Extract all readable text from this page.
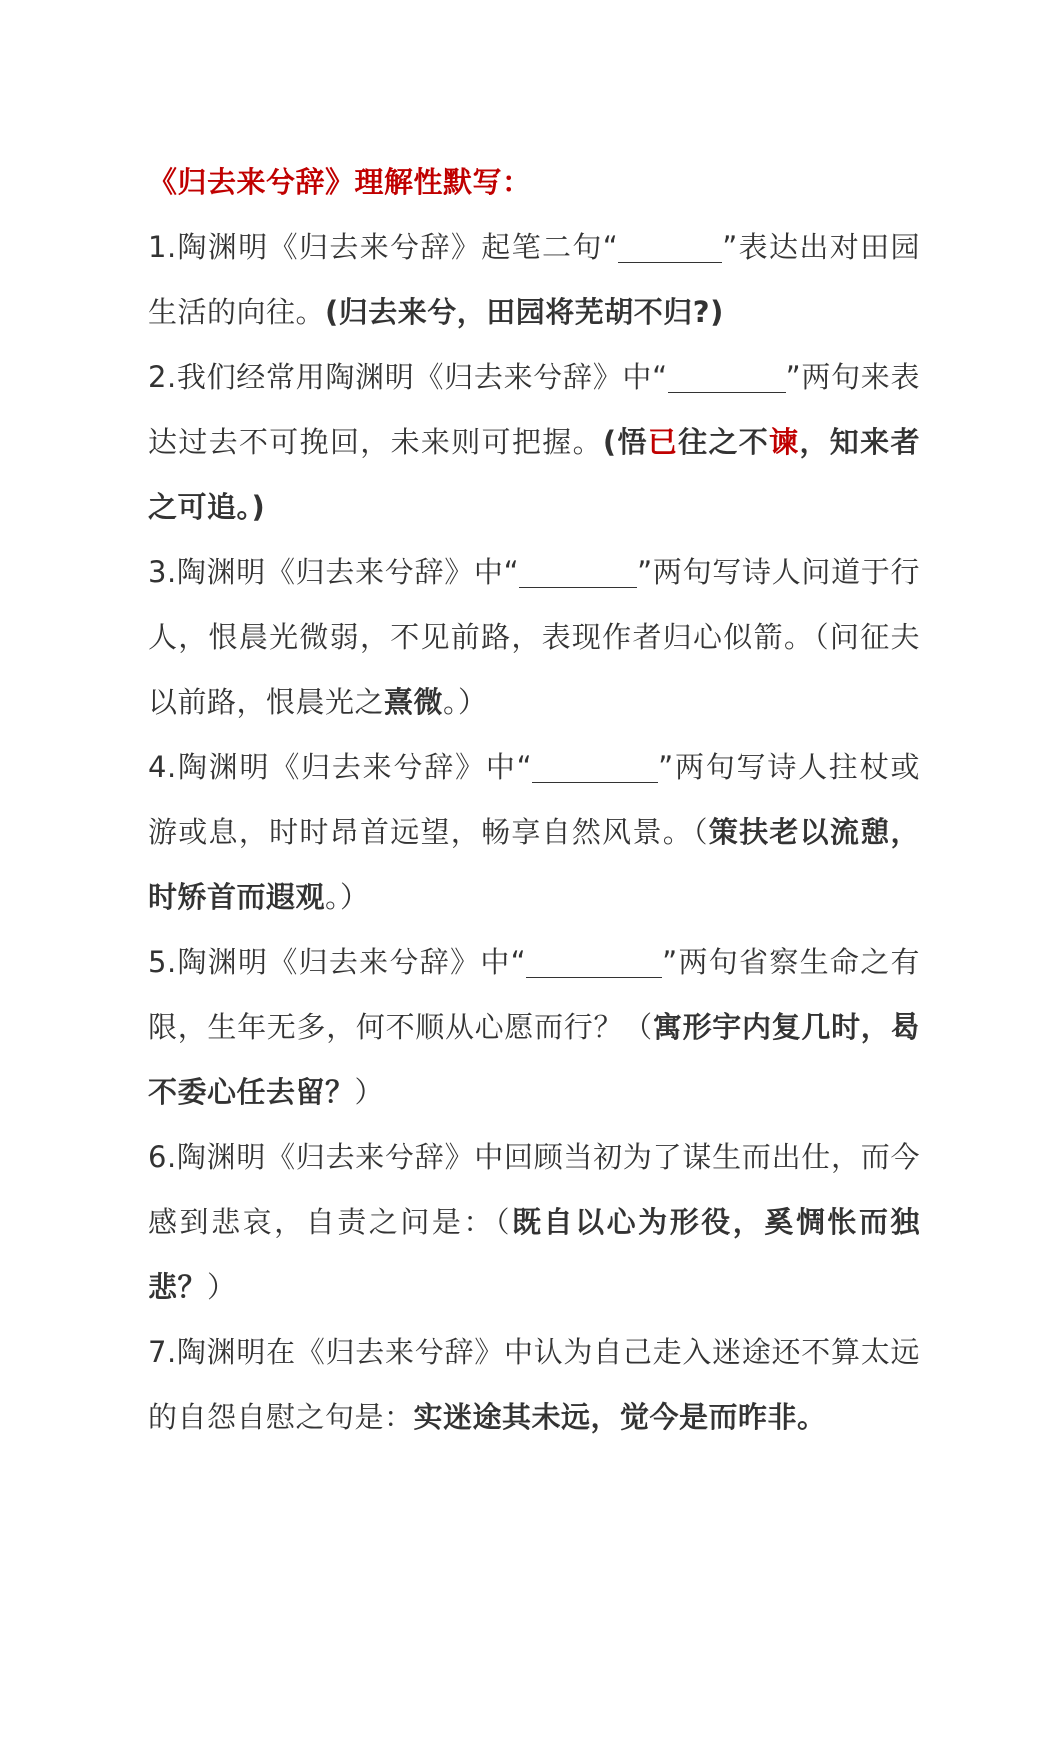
《归去来兮辞》理解性默写：

1.陶渊明《归去来兮辞》起笔二句“	”表达出对田园生活的向往。(归去来兮，田园将芜胡不归?)

2.我们经常用陶渊明《归去来兮辞》中“	”两句来表达过去不可挽回，未来则可把握。(悟已往之不谏，知来者之可追。)

3.陶渊明《归去来兮辞》中“	”两句写诗人问道于行人，恨晨光微弱，不见前路，表现作者归心似箭。（问征夫以前路，恨晨光之熹微。）

4.陶渊明《归去来兮辞》中“	”两句写诗人拄杖或游或息，时时昂首远望，畅享自然风景。（策扶老以流憩，时矫首而遐观。）

5.陶渊明《归去来兮辞》中“	”两句省察生命之有限，生年无多，何不顺从心愿而行？（寓形宇内复几时，曷不委心任去留？）

6.陶渊明《归去来兮辞》中回顾当初为了谋生而出仕，而今感到悲哀，自责之问是：（既自以心为形役，奚惆怅而独悲？）

7.陶渊明在《归去来兮辞》中认为自己走入迷途还不算太远的自怨自慰之句是：实迷途其未远，觉今是而昨非。
